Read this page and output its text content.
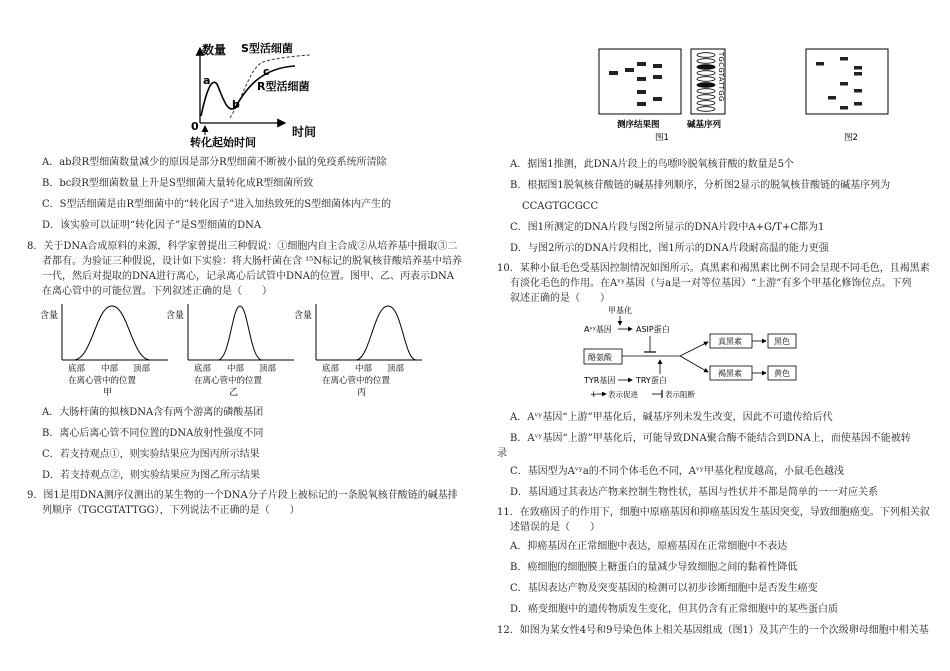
数量 S型活细菌
R型活细菌
a
b
c
0	时间
转化起始时间
A．ab段R型细菌数量减少的原因是部分R型细菌不断被小鼠的免疫系统所清除
B．bc段R型细菌数量上升是S型细菌大量转化成R型细菌所致
C．S型活细菌是由R型细菌中的“转化因子”进入加热致死的S型细菌体内产生的
D．该实验可以证明“转化因子”是S型细菌的DNA
8．关于DNA合成原料的来源，科学家曾提出三种假说：①细胞内自主合成②从培养基中摄取③二
者都有。为验证三种假说，设计如下实验：将大肠杆菌在含 ¹⁵N标记的脱氧核苷酸培养基中培养
一代，然后对提取的DNA进行离心，记录离心后试管中DNA的位置。图甲、乙、丙表示DNA
在离心管中的可能位置。下列叙述正确的是（　　）
含量
底部 中部 顶部
在离心管中的位置
甲
含量
底部 中部 顶部
在离心管中的位置
乙
含量
底部 中部 顶部
在离心管中的位置
丙
A．大肠杆菌的拟核DNA含有两个游离的磷酸基团
B．离心后离心管不同位置的DNA放射性强度不同
C．若支持观点①，则实验结果应为图丙所示结果
D．若支持观点②，则实验结果应为图乙所示结果
9．图1是用DNA测序仪测出的某生物的一个DNA分子片段上被标记的一条脱氧核苷酸链的碱基排
列顺序（TGCGTATTGG），下列说法不正确的是（　　）
TGCGTATTGG
测序结果图	碱基序列
图1	图2
A．据图1推测，此DNA片段上的鸟嘌呤脱氧核苷酸的数量是5个
B．根据图1脱氧核苷酸链的碱基排列顺序，分析图2显示的脱氧核苷酸链的碱基序列为
CCAGTGCGCC
C．图1所测定的DNA片段与图2所显示的DNA片段中A+G/T+C都为1
D．与图2所示的DNA片段相比，图1所示的DNA片段耐高温的能力更强
10．某种小鼠毛色受基因控制情况如图所示。真黑素和褐黑素比例不同会呈现不同毛色，且褐黑素
有淡化毛色的作用。在Aᵛʸ基因（与a是一对等位基因）“上游”有多个甲基化修饰位点。下列
叙述正确的是（　　）
甲基化
Aᵛʸ基因	ASIP蛋白
酪氨酸
真黑素	黑色
褐黑素	黄色
TYR基因	TRY蛋白
+ 表示促进	表示阻断
A．Aᵛʸ基因“上游”甲基化后，碱基序列未发生改变，因此不可遗传给后代
B．Aᵛʸ基因“上游”甲基化后，可能导致DNA聚合酶不能结合到DNA上，而使基因不能被转
录
C．基因型为Aᵛʸa的不同个体毛色不同，Aᵛʸ甲基化程度越高，小鼠毛色越浅
D．基因通过其表达产物来控制生物性状，基因与性状并不都是简单的一一对应关系
11．在致癌因子的作用下，细胞中原癌基因和抑癌基因发生基因突变，导致细胞癌变。下列相关叙
述错误的是（　　）
A．抑癌基因在正常细胞中表达，原癌基因在正常细胞中不表达
B．癌细胞的细胞膜上糖蛋白的量减少导致细胞之间的黏着性降低
C．基因表达产物及突变基因的检测可以初步诊断细胞中是否发生癌变
D．癌变细胞中的遗传物质发生变化，但其仍含有正常细胞中的某些蛋白质
12．如图为某女性4号和9号染色体上相关基因组成（图1）及其产生的一个次级卵母细胞中相关基
